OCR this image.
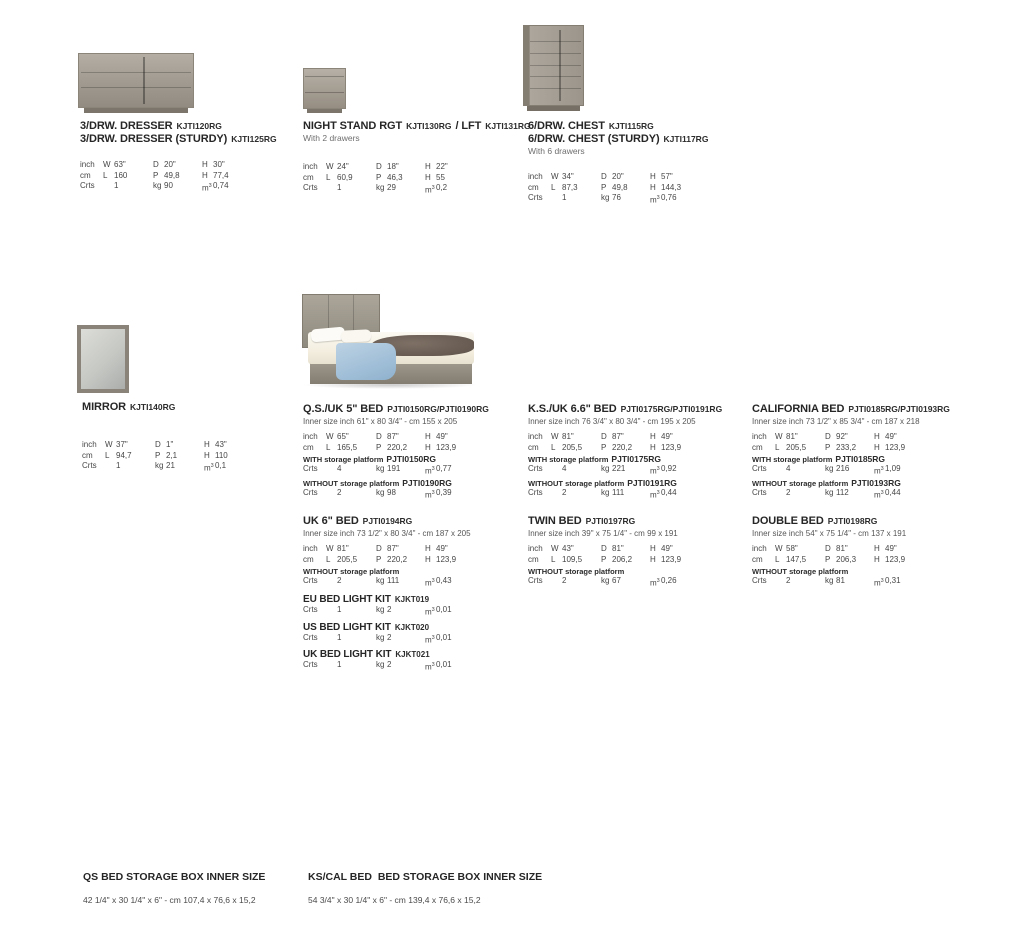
3/DRW. DRESSER KJTI120RG
3/DRW. DRESSER (STURDY) KJTI125RG
inch	W 63"	D 20"	H 30"
cm	L 160	P 49,8	H 77,4
Crts	1	kg 90	$m^3$ 0,74
NIGHT STAND RGT KJTI130RG / LFT KJTI131RG
With 2 drawers
inch	W 24"	D 18"	H 22"
cm	L 60,9	P 46,3	H 55
Crts	1	kg 29	$m^3$ 0,2
6/DRW. CHEST KJTI115RG
6/DRW. CHEST (STURDY) KJTI117RG
With 6 drawers
inch	W 34"	D 20"	H 57"
cm	L 87,3	P 49,8	H 144,3
Crts	1	kg 76	$m^3$ 0,76
MIRROR KJTI140RG
inch	W 37"	D 1"	H 43"
cm	L 94,7	P 2,1	H 110
Crts	1	kg 21	$m^3$ 0,1
Q.S./UK 5" BED PJTI0150RG/PJTI0190RG
Inner size inch 61" x 80 3/4" - cm 155 x 205
inch	W 65"	D 87"	H 49"
cm	L 165,5 P 220,2 H 123,9
WITH storage platform PJTI0150RG
Crts	4	kg 191	$m^3$ 0,77
WITHOUT storage platform PJTI0190RG
Crts	2	kg 98	$m^3$ 0,39
K.S./UK 6.6" BED PJTI0175RG/PJTI0191RG
Inner size inch 76 3/4" x 80 3/4" - cm 195 x 205
inch	W 81"	D 87"	H 49"
cm	L 205,5 P 220,2 H 123,9
WITH storage platform PJTI0175RG
Crts	4	kg 221	$m^3$ 0,92
WITHOUT storage platform PJTI0191RG
Crts	2	kg 111	$m^3$ 0,44
CALIFORNIA BED PJTI0185RG/PJTI0193RG
Inner size inch 73 1/2" x 85 3/4" - cm 187 x 218
inch	W 81"	D 92"	H 49"
cm	L 205,5 P 233,2 H 123,9
WITH storage platform PJTI0185RG
Crts	4	kg 216	$m^3$ 1,09
WITHOUT storage platform PJTI0193RG
Crts	2	kg 112	$m^3$ 0,44
UK 6" BED PJTI0194RG
Inner size inch 73 1/2" x 80 3/4" - cm 187 x 205
inch	W 81"	D 87"	H 49"
cm	L 205,5 P 220,2 H 123,9
WITHOUT storage platform
Crts	2	kg 111	$m^3$ 0,43
TWIN BED PJTI0197RG
Inner size inch 39" x 75 1/4" - cm 99 x 191
inch	W 43"	D 81"	H 49"
cm	L 109,5 P 206,2 H 123,9
WITHOUT storage platform
Crts	2	kg 67	$m^3$ 0,26
DOUBLE BED PJTI0198RG
Inner size inch 54" x 75 1/4" - cm 137 x 191
inch	W 58"	D 81"	H 49"
cm	L 147,5 P 206,3 H 123,9
WITHOUT storage platform
Crts	2	kg 81	$m^3$ 0,31
EU BED LIGHT KIT KJKT019
Crts	1	kg 2	$m^3$ 0,01
US BED LIGHT KIT KJKT020
Crts	1	kg 2	$m^3$ 0,01
UK BED LIGHT KIT KJKT021
Crts	1	kg 2	$m^3$ 0,01
QS BED STORAGE BOX INNER SIZE
42 1/4" x 30 1/4" x 6" - cm 107,4 x 76,6 x 15,2
KS/CAL BED  BED STORAGE BOX INNER SIZE
54 3/4" x 30 1/4" x 6" - cm 139,4 x 76,6 x 15,2
